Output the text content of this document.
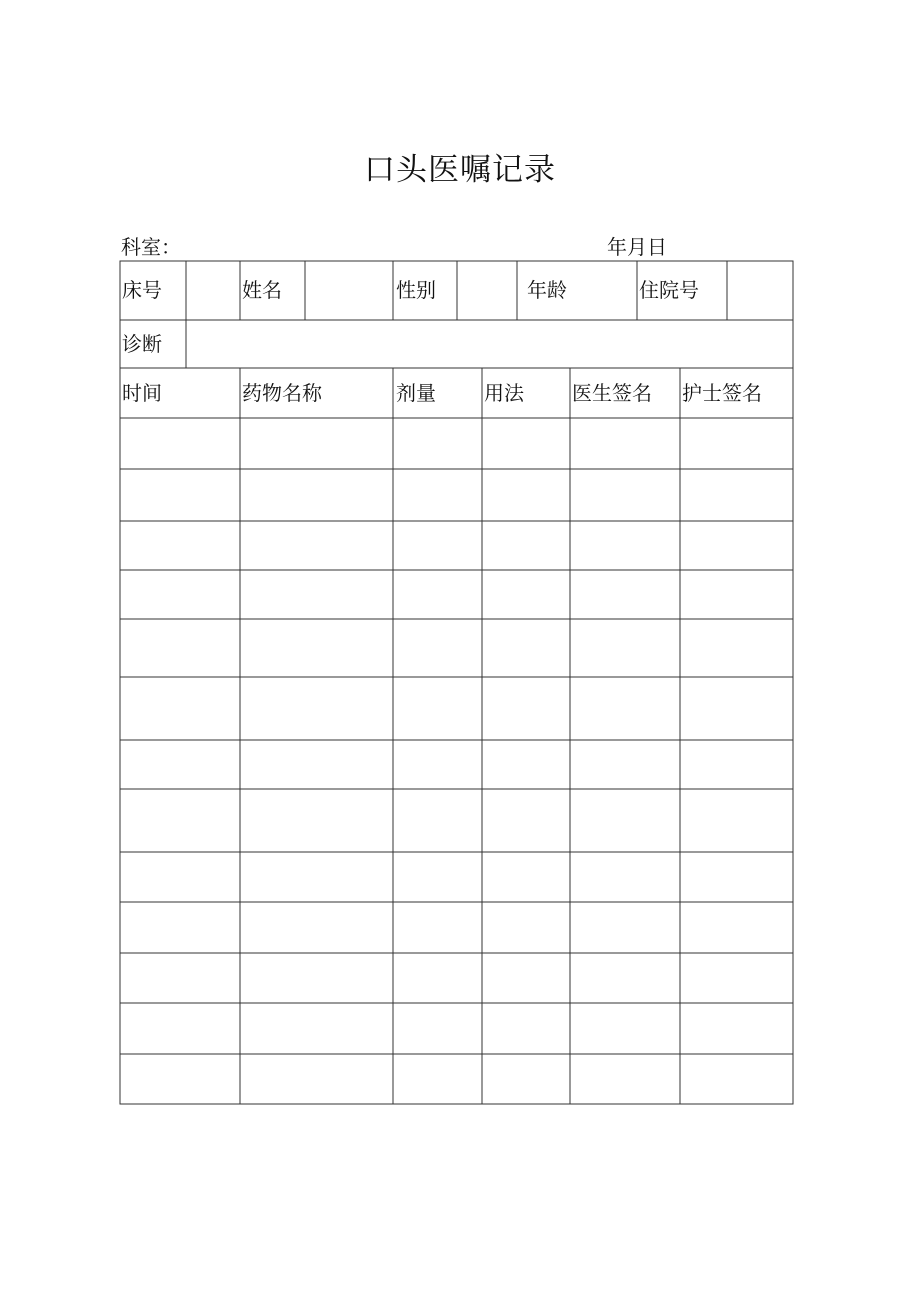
口头医嘱记录
科室：	年月日
床号	姓名	性别	年龄	住院号
诊断
时间	药物名称	剂量 用法 医生签名 护士签名
